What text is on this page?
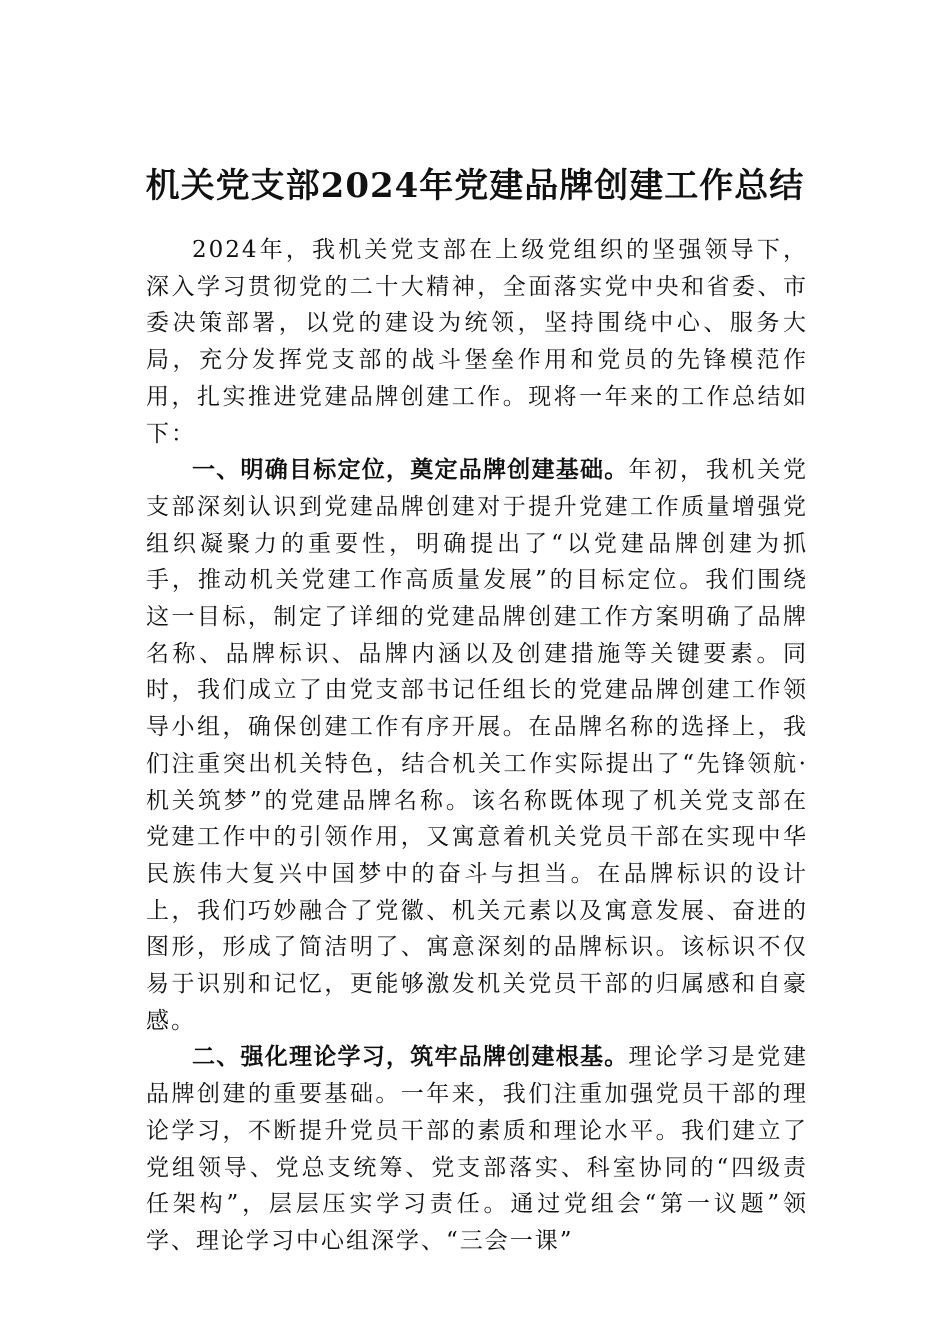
机关党支部2024年党建品牌创建工作总结

2024年，我机关党支部在上级党组织的坚强领导下，深入学习贯彻党的二十大精神，全面落实党中央和省委、市委决策部署，以党的建设为统领，坚持围绕中心、服务大局，充分发挥党支部的战斗堡垒作用和党员的先锋模范作用，扎实推进党建品牌创建工作。现将一年来的工作总结如下：

一、明确目标定位，奠定品牌创建基础。年初，我机关党支部深刻认识到党建品牌创建对于提升党建工作质量增强党组织凝聚力的重要性，明确提出了“以党建品牌创建为抓手，推动机关党建工作高质量发展”的目标定位。我们围绕这一目标，制定了详细的党建品牌创建工作方案明确了品牌名称、品牌标识、品牌内涵以及创建措施等关键要素。同时，我们成立了由党支部书记任组长的党建品牌创建工作领导小组，确保创建工作有序开展。在品牌名称的选择上，我们注重突出机关特色，结合机关工作实际提出了“先锋领航·机关筑梦”的党建品牌名称。该名称既体现了机关党支部在党建工作中的引领作用，又寓意着机关党员干部在实现中华民族伟大复兴中国梦中的奋斗与担当。在品牌标识的设计上，我们巧妙融合了党徽、机关元素以及寓意发展、奋进的图形，形成了简洁明了、寓意深刻的品牌标识。该标识不仅易于识别和记忆，更能够激发机关党员干部的归属感和自豪感。

二、强化理论学习，筑牢品牌创建根基。理论学习是党建品牌创建的重要基础。一年来，我们注重加强党员干部的理论学习，不断提升党员干部的素质和理论水平。我们建立了党组领导、党总支统筹、党支部落实、科室协同的“四级责任架构”，层层压实学习责任。通过党组会“第一议题”领学、理论学习中心组深学、“三会一课”
